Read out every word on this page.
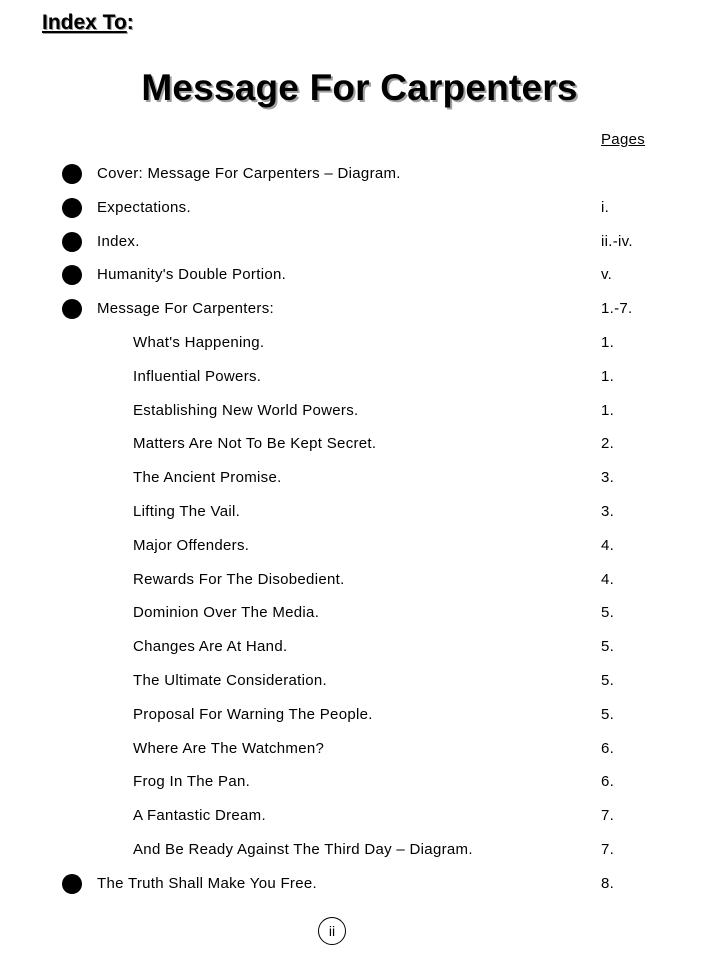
Index To:
Message For Carpenters
Pages
Cover: Message For Carpenters – Diagram.
Expectations.	i.
Index.	ii.-iv.
Humanity's Double Portion.	v.
Message For Carpenters:	1.-7.
What's Happening.	1.
Influential Powers.	1.
Establishing New World Powers.	1.
Matters Are Not To Be Kept Secret.	2.
The Ancient Promise.	3.
Lifting The Vail.	3.
Major Offenders.	4.
Rewards For The Disobedient.	4.
Dominion Over The Media.	5.
Changes Are At Hand.	5.
The Ultimate Consideration.	5.
Proposal For Warning The People.	5.
Where Are The Watchmen?	6.
Frog In The Pan.	6.
A Fantastic Dream.	7.
And Be Ready Against The Third Day – Diagram.	7.
The Truth Shall Make You Free.	8.
ii
